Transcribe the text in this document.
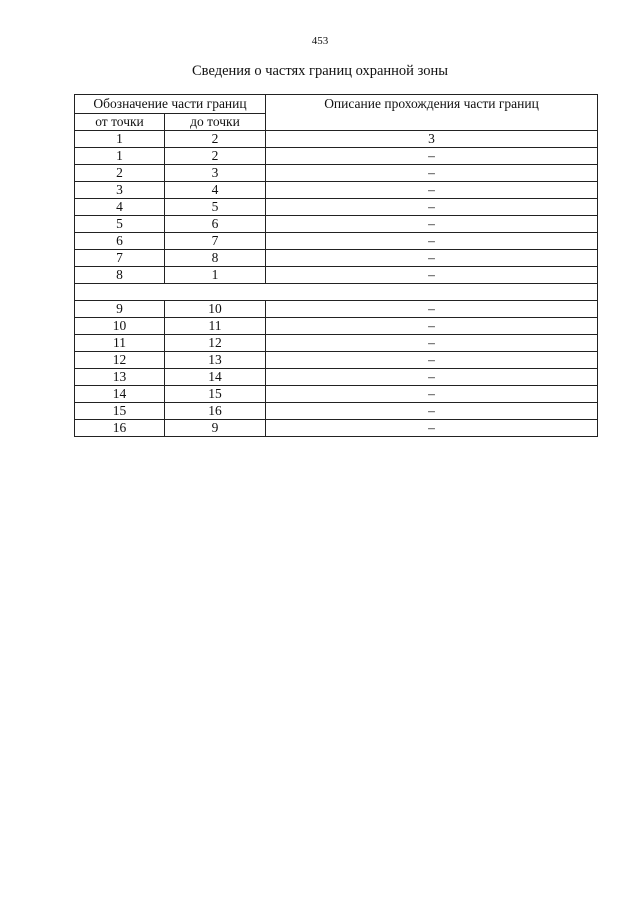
453
Сведения о частях границ охранной зоны
Обозначение части границ		Описание прохождения части границ
от точки	до точки	
1	2	3
1	2	–
2	3	–
3	4	–
4	5	–
5	6	–
6	7	–
7	8	–
8	1	–

9	10	–
10	11	–
11	12	–
12	13	–
13	14	–
14	15	–
15	16	–
16	9	–
